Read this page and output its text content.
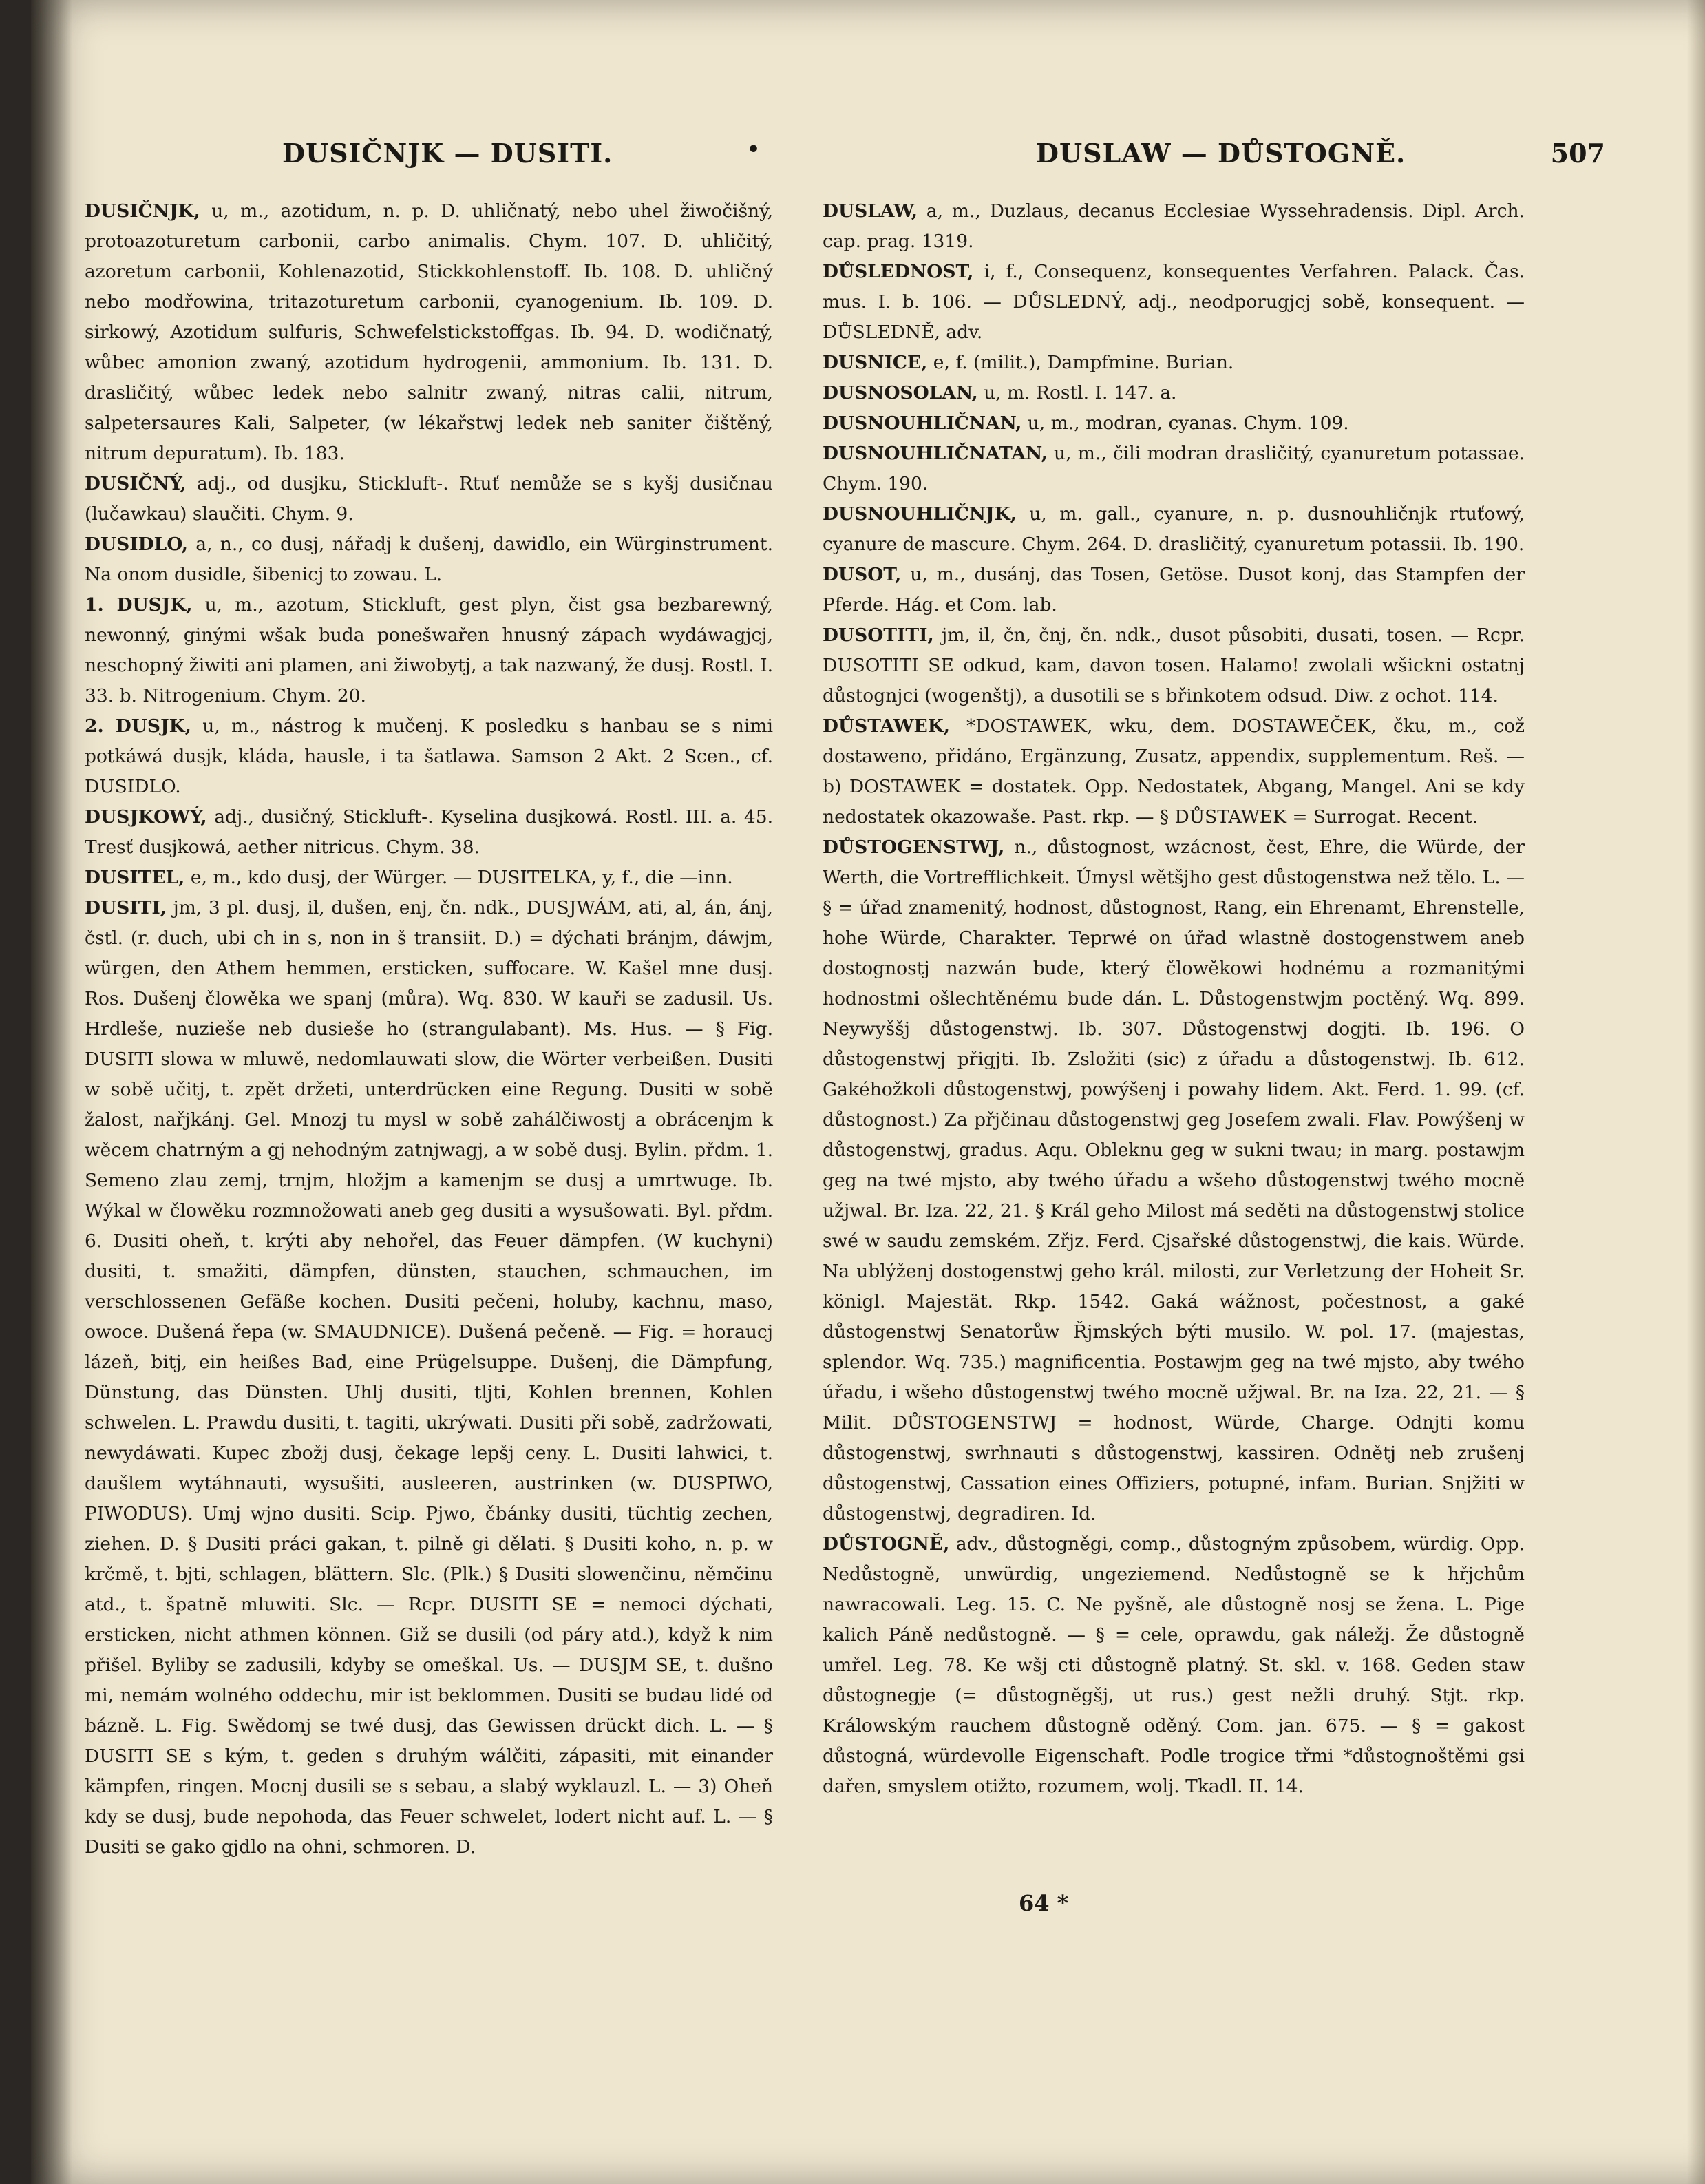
DUSIČNJK — DUSITI.	•	DUSLAW — DŮSTOGNĚ.	507

DUSIČNJK, u, m., azotidum, n. p. D. uhličnatý, nebo uhel žiwočišný, protoazoturetum carbonii, carbo animalis. Chym. 107. D. uhličitý, azoretum carbonii, Kohlenazotid, Stickkohlenstoff. Ib. 108. D. uhličný nebo modřowina, tritazoturetum carbonii, cyanogenium. Ib. 109. D. sirkowý, Azotidum sulfuris, Schwefelstickstoffgas. Ib. 94. D. wodičnatý, wůbec amonion zwaný, azotidum hydrogenii, ammonium. Ib. 131. D. drasličitý, wůbec ledek nebo salnitr zwaný, nitras calii, nitrum, salpetersaures Kali, Salpeter, (w lékařstwj ledek neb saniter čištěný, nitrum depuratum). Ib. 183.

DUSIČNÝ, adj., od dusjku, Stickluft-. Rtuť nemůže se s kyšj dusičnau (lučawkau) slaučiti. Chym. 9.

DUSIDLO, a, n., co dusj, nářadj k dušenj, dawidlo, ein Würginstrument. Na onom dusidle, šibenicj to zowau. L.

1. DUSJK, u, m., azotum, Stickluft, gest plyn, čist gsa bezbarewný, newonný, ginými wšak buda ponešwařen hnusný zápach wydáwagjcj, neschopný žiwiti ani plamen, ani žiwobytj, a tak nazwaný, že dusj. Rostl. I. 33. b. Nitrogenium. Chym. 20.

2. DUSJK, u, m., nástrog k mučenj. K posledku s hanbau se s nimi potkáwá dusjk, kláda, hausle, i ta šatlawa. Samson 2 Akt. 2 Scen., cf. DUSIDLO.

DUSJKOWÝ, adj., dusičný, Stickluft-. Kyselina dusjkowá. Rostl. III. a. 45. Tresť dusjkowá, aether nitricus. Chym. 38.

DUSITEL, e, m., kdo dusj, der Würger. — DUSITELKA, y, f., die —inn.

DUSITI, jm, 3 pl. dusj, il, dušen, enj, čn. ndk., DUSJWÁM, ati, al, án, ánj, čstl. (r. duch, ubi ch in s, non in š transiit. D.) = dýchati bránjm, dáwjm, würgen, den Athem hemmen, ersticken, suffocare. W. Kašel mne dusj. Ros. Dušenj člowěka we spanj (můra). Wq. 830. W kauři se zadusil. Us. Hrdleše, nuzieše neb dusieše ho (strangulabant). Ms. Hus. — § Fig. DUSITI slowa w mluwě, nedomlauwati slow, die Wörter verbeißen. Dusiti w sobě učitj, t. zpět držeti, unterdrücken eine Regung. Dusiti w sobě žalost, nařjkánj. Gel. Mnozj tu mysl w sobě zahálčiwostj a obrácenjm k wěcem chatrným a gj nehodným zatnjwagj, a w sobě dusj. Bylin. přdm. 1. Semeno zlau zemj, trnjm, hložjm a kamenjm se dusj a umrtwuge. Ib. Wýkal w člowěku rozmnožowati aneb geg dusiti a wysušowati. Byl. přdm. 6. Dusiti oheň, t. krýti aby nehořel, das Feuer dämpfen. (W kuchyni) dusiti, t. smažiti, dämpfen, dünsten, stauchen, schmauchen, im verschlossenen Gefäße kochen. Dusiti pečeni, holuby, kachnu, maso, owoce. Dušená řepa (w. SMAUDNICE). Dušená pečeně. — Fig. = horaucj lázeň, bitj, ein heißes Bad, eine Prügelsuppe. Dušenj, die Dämpfung, Dünstung, das Dünsten. Uhlj dusiti, tljti, Kohlen brennen, Kohlen schwelen. L. Prawdu dusiti, t. tagiti, ukrýwati. Dusiti při sobě, zadržowati, newydáwati. Kupec zbožj dusj, čekage lepšj ceny. L. Dusiti lahwici, t. daušlem wytáhnauti, wysušiti, ausleeren, austrinken (w. DUSPIWO, PIWODUS). Umj wjno dusiti. Scip. Pjwo, čbánky dusiti, tüchtig zechen, ziehen. D. § Dusiti práci gakan, t. pilně gi dělati. § Dusiti koho, n. p. w krčmě, t. bjti, schlagen, blättern. Slc. (Plk.) § Dusiti slowenčinu, němčinu atd., t. špatně mluwiti. Slc. — Rcpr. DUSITI SE = nemoci dýchati, ersticken, nicht athmen können. Giž se dusili (od páry atd.), když k nim přišel. Byliby se zadusili, kdyby se omeškal. Us. — DUSJM SE, t. dušno mi, nemám wolného oddechu, mir ist beklommen. Dusiti se budau lidé od bázně. L. Fig. Swědomj se twé dusj, das Gewissen drückt dich. L. — § DUSITI SE s kým, t. geden s druhým wálčiti, zápasiti, mit einander kämpfen, ringen. Mocnj dusili se s sebau, a slabý wyklauzl. L. — 3) Oheň kdy se dusj, bude nepohoda, das Feuer schwelet, lodert nicht auf. L. — § Dusiti se gako gjdlo na ohni, schmoren. D.

DUSLAW, a, m., Duzlaus, decanus Ecclesiae Wyssehradensis. Dipl. Arch. cap. prag. 1319.

DŮSLEDNOST, i, f., Consequenz, konsequentes Verfahren. Palack. Čas. mus. I. b. 106. — DŮSLEDNÝ, adj., neodporugjcj sobě, konsequent. — DŮSLEDNĚ, adv.

DUSNICE, e, f. (milit.), Dampfmine. Burian.

DUSNOSOLAN, u, m. Rostl. I. 147. a.

DUSNOUHLIČNAN, u, m., modran, cyanas. Chym. 109.

DUSNOUHLIČNATAN, u, m., čili modran drasličitý, cyanuretum potassae. Chym. 190.

DUSNOUHLIČNJK, u, m. gall., cyanure, n. p. dusnouhličnjk rtuťowý, cyanure de mascure. Chym. 264. D. drasličitý, cyanuretum potassii. Ib. 190.

DUSOT, u, m., dusánj, das Tosen, Getöse. Dusot konj, das Stampfen der Pferde. Hág. et Com. lab.

DUSOTITI, jm, il, čn, čnj, čn. ndk., dusot působiti, dusati, tosen. — Rcpr. DUSOTITI SE odkud, kam, davon tosen. Halamo! zwolali wšickni ostatnj důstognjci (wogenštj), a dusotili se s břinkotem odsud. Diw. z ochot. 114.

DŮSTAWEK, *DOSTAWEK, wku, dem. DOSTAWEČEK, čku, m., což dostaweno, přidáno, Ergänzung, Zusatz, appendix, supplementum. Reš. — b) DOSTAWEK = dostatek. Opp. Nedostatek, Abgang, Mangel. Ani se kdy nedostatek okazowaše. Past. rkp. — § DŮSTAWEK = Surrogat. Recent.

DŮSTOGENSTWJ, n., důstognost, wzácnost, čest, Ehre, die Würde, der Werth, die Vortrefflichkeit. Úmysl wětšjho gest důstogenstwa než tělo. L. — § = úřad znamenitý, hodnost, důstognost, Rang, ein Ehrenamt, Ehrenstelle, hohe Würde, Charakter. Teprwé on úřad wlastně dostogenstwem aneb dostognostj nazwán bude, který člowěkowi hodnému a rozmanitými hodnostmi ošlechtěnému bude dán. L. Důstogenstwjm poctěný. Wq. 899. Neywyššj důstogenstwj. Ib. 307. Důstogenstwj dogjti. Ib. 196. O důstogenstwj přigjti. Ib. Zsložiti (sic) z úřadu a důstogenstwj. Ib. 612. Gakéhožkoli důstogenstwj, powýšenj i powahy lidem. Akt. Ferd. 1. 99. (cf. důstognost.) Za přjčinau důstogenstwj geg Josefem zwali. Flav. Powýšenj w důstogenstwj, gradus. Aqu. Obleknu geg w sukni twau; in marg. postawjm geg na twé mjsto, aby twého úřadu a wšeho důstogenstwj twého mocně užjwal. Br. Iza. 22, 21. § Král geho Milost má seděti na důstogenstwj stolice swé w saudu zemském. Zřjz. Ferd. Cjsařské důstogenstwj, die kais. Würde. Na ublýženj dostogenstwj geho král. milosti, zur Verletzung der Hoheit Sr. königl. Majestät. Rkp. 1542. Gaká wážnost, počestnost, a gaké důstogenstwj Senatorůw Řjmských býti musilo. W. pol. 17. (majestas, splendor. Wq. 735.) magnificentia. Postawjm geg na twé mjsto, aby twého úřadu, i wšeho důstogenstwj twého mocně užjwal. Br. na Iza. 22, 21. — § Milit. DŮSTOGENSTWJ = hodnost, Würde, Charge. Odnjti komu důstogenstwj, swrhnauti s důstogenstwj, kassiren. Odnětj neb zrušenj důstogenstwj, Cassation eines Offiziers, potupné, infam. Burian. Snjžiti w důstogenstwj, degradiren. Id.

DŮSTOGNĚ, adv., důstogněgi, comp., důstogným způsobem, würdig. Opp. Nedůstogně, unwürdig, ungeziemend. Nedůstogně se k hřjchům nawracowali. Leg. 15. C. Ne pyšně, ale důstogně nosj se žena. L. Pige kalich Páně nedůstogně. — § = cele, oprawdu, gak náležj. Že důstogně umřel. Leg. 78. Ke wšj cti důstogně platný. St. skl. v. 168. Geden staw důstognegje (= důstogněgšj, ut rus.) gest nežli druhý. Stjt. rkp. Králowským rauchem důstogně oděný. Com. jan. 675. — § = gakost důstogná, würdevolle Eigenschaft. Podle trogice třmi *důstognoštěmi gsi dařen, smyslem otižto, rozumem, wolj. Tkadl. II. 14.

64 *
